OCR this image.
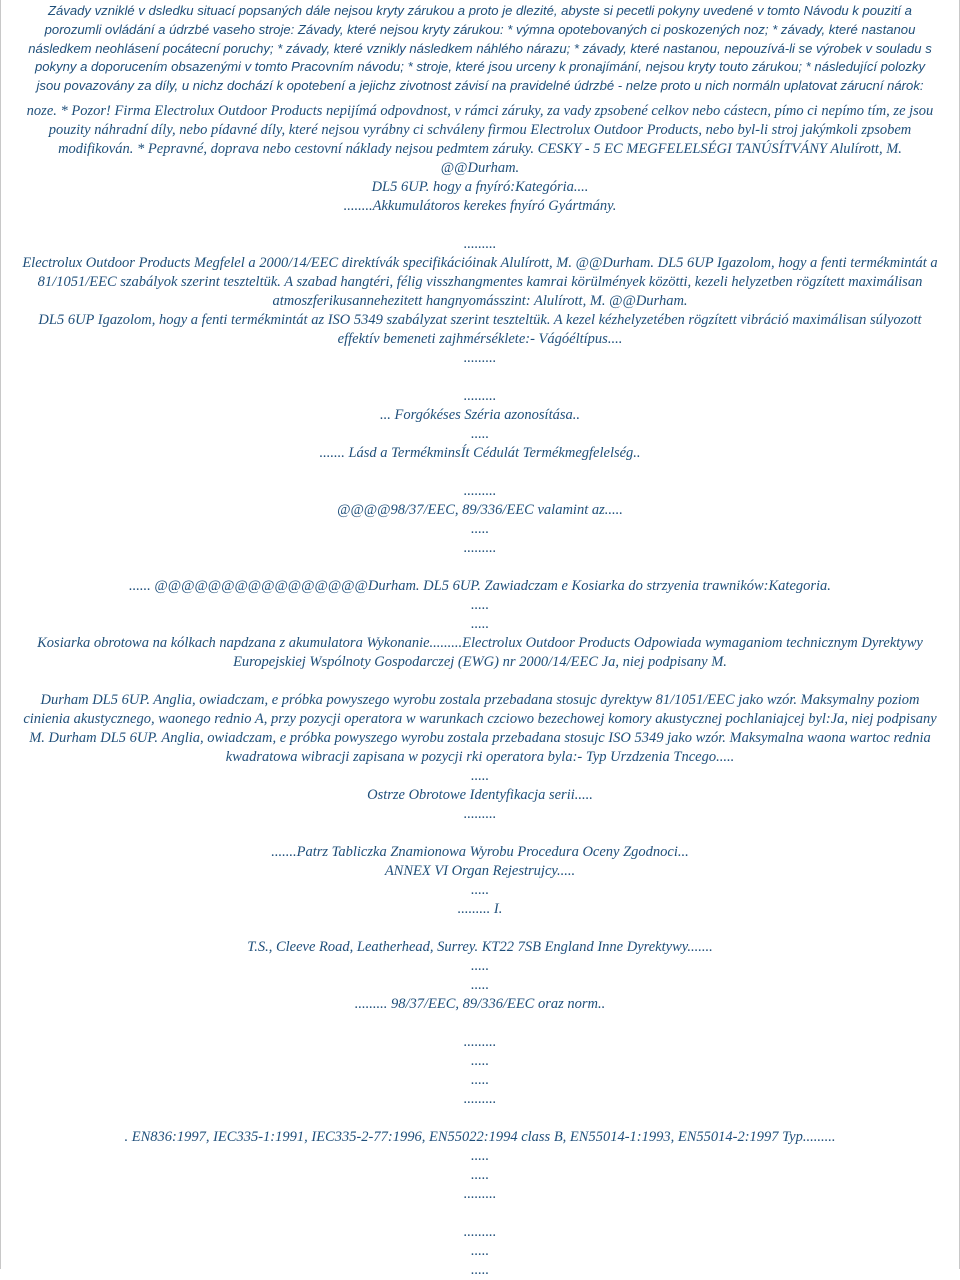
Závady vzniklé v dsledku situací popsaných dále nejsou kryty zárukou a proto je dlezité, abyste si pecetli pokyny uvedené v tomto Návodu k pouzití a
porozumli ovládání a údrzbé vaseho stroje: Závady, které nejsou kryty zárukou: * výmna opotebovaných ci poskozených noz; * závady, které nastanou
následkem neohlásení pocátecní poruchy; * závady, které vznikly následkem náhlého nárazu; * závady, které nastanou, nepouzívá-li se výrobek v souladu s
pokyny a doporucením obsazenými v tomto Pracovním návodu; * stroje, které jsou urceny k pronajímání, nejsou kryty touto zárukou; * následující polozky
jsou povazovány za díly, u nichz dochází k opotebení a jejichz zivotnost závisí na pravidelné údrzbé - nelze proto u nich normáln uplatovat zárucní nárok:
noze. * Pozor! Firma Electrolux Outdoor Products nepijímá odpovdnost, v rámci záruky, za vady zpsobené celkov nebo cástecn, pímo ci nepímo tím, ze jsou
pouzity náhradní díly, nebo pídavné díly, které nejsou vyrábny ci schváleny firmou Electrolux Outdoor Products, nebo byl-li stroj jakýmkoli zpsobem
modifikován. * Pepravné, doprava nebo cestovní náklady nejsou pedmtem záruky. CESKY - 5 EC MEGFELELSÉGI TANÚSÍTVÁNY Alulírott, M.
@@Durham.
DL5 6UP. hogy a fnyíró:Kategória....
........Akkumulátoros kerekes fnyíró Gyártmány.
.........
Electrolux Outdoor Products Megfelel a 2000/14/EEC direktívák specifikációinak Alulírott, M. @@Durham. DL5 6UP Igazolom, hogy a fenti termékmintát a
81/1051/EEC szabályok szerint teszteltük. A szabad hangtéri, félig visszhangmentes kamrai körülmények közötti, kezeli helyzetben rögzített maximálisan
atmoszferikusannehezitett hangnyomásszint: Alulírott, M. @@Durham.
DL5 6UP Igazolom, hogy a fenti termékmintát az ISO 5349 szabályzat szerint teszteltük. A kezel kézhelyzetében rögzített vibráció maximálisan súlyozott
effektív bemeneti zajhmérséklete:- Vágóéltípus....
.........
.........
... Forgókéses Széria azonosítása..
.....
....... Lásd a TermékminsÍt Cédulát Termékmegfelelség..
.........
@@@@98/37/EEC, 89/336/EEC valamint az.....
.....
.........
...... @@@@@@@@@@@@@@@@Durham. DL5 6UP. Zawiadczam e Kosiarka do strzyenia trawników:Kategoria.
.....
.....
Kosiarka obrotowa na kólkach napdzana z akumulatora Wykonanie.........Electrolux Outdoor Products Odpowiada wymaganiom technicznym Dyrektywy
Europejskiej Wspólnoty Gospodarczej (EWG) nr 2000/14/EEC Ja, niej podpisany M.
Durham DL5 6UP. Anglia, owiadczam, e próbka powyszego wyrobu zostala przebadana stosujc dyrektyw 81/1051/EEC jako wzór. Maksymalny poziom
cinienia akustycznego, waonego rednio A, przy pozycji operatora w warunkach czciowo bezechowej komory akustycznej pochlaniajcej byl:Ja, niej podpisany
M. Durham DL5 6UP. Anglia, owiadczam, e próbka powyszego wyrobu zostala przebadana stosujc ISO 5349 jako wzór. Maksymalna waona wartoc rednia
kwadratowa wibracji zapisana w pozycji rki operatora byla:- Typ Urzdzenia Tncego.....
.....
Ostrze Obrotowe Identyfikacja serii.....
.........
.......Patrz Tabliczka Znamionowa Wyrobu Procedura Oceny Zgodnoci...
ANNEX VI Organ Rejestrujcy.....
.....
......... I.
T.S., Cleeve Road, Leatherhead, Surrey. KT22 7SB England Inne Dyrektywy.......
.....
.....
......... 98/37/EEC, 89/336/EEC oraz norm..
.........
.....
.....
.........
. EN836:1997, IEC335-1:1991, IEC335-2-77:1996, EN55022:1994 class B, EN55014-1:1993, EN55014-2:1997 Typ.........
.....
.....
.........
.........
.....
.....
